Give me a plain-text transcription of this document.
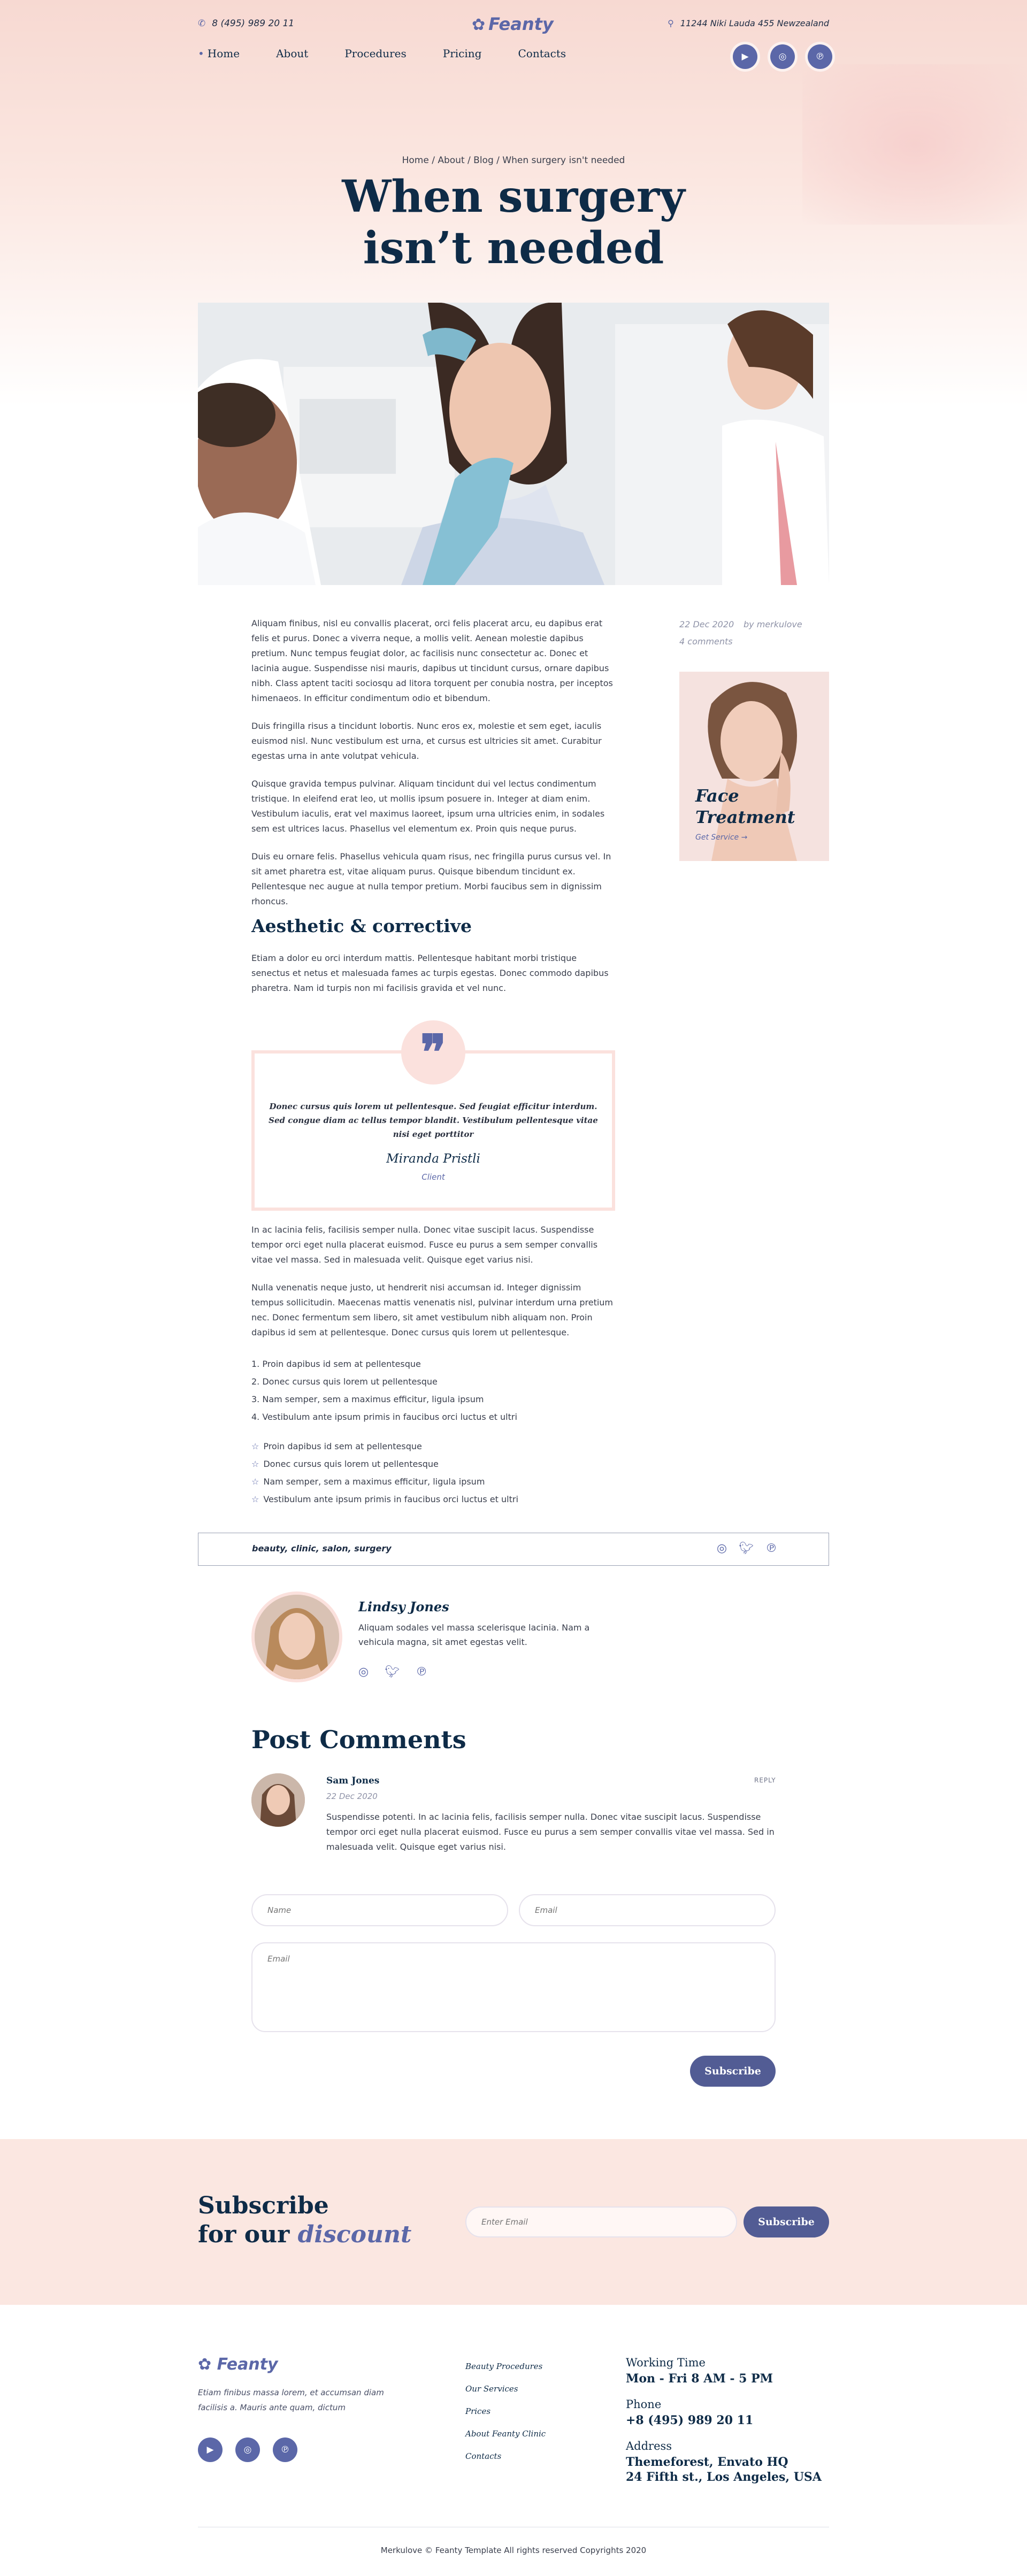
✆ 8 (495) 989 20 11	✿ Feanty	⚲ 11244 Niki Lauda 455 Newzealand
• Home	About	Procedures	Pricing	Contacts	▶	◎	℗
Home / About / Blog / When surgery isn't needed
When surgery
isn’t needed
22 Dec 2020 by merkulove
4 comments
Face
Treatment
Get Service →

Aliquam finibus, nisl eu convallis placerat, orci felis placerat arcu, eu dapibus erat felis et purus. Donec a viverra neque, a mollis velit. Aenean molestie dapibus pretium. Nunc tempus feugiat dolor, ac facilisis nunc consectetur ac. Donec et lacinia augue. Suspendisse nisi mauris, dapibus ut tincidunt cursus, ornare dapibus nibh. Class aptent taciti sociosqu ad litora torquent per conubia nostra, per inceptos himenaeos. In efficitur condimentum odio et bibendum.

Duis fringilla risus a tincidunt lobortis. Nunc eros ex, molestie et sem eget, iaculis euismod nisl. Nunc vestibulum est urna, et cursus est ultricies sit amet. Curabitur egestas urna in ante volutpat vehicula.

Quisque gravida tempus pulvinar. Aliquam tincidunt dui vel lectus condimentum tristique. In eleifend erat leo, ut mollis ipsum posuere in. Integer at diam enim. Vestibulum iaculis, erat vel maximus laoreet, ipsum urna ultricies enim, in sodales sem est ultrices lacus. Phasellus vel elementum ex. Proin quis neque purus.

Duis eu ornare felis. Phasellus vehicula quam risus, nec fringilla purus cursus vel. In sit amet pharetra est, vitae aliquam purus. Quisque bibendum tincidunt ex. Pellentesque nec augue at nulla tempor pretium. Morbi faucibus sem in dignissim rhoncus.

Aesthetic & corrective

Etiam a dolor eu orci interdum mattis. Pellentesque habitant morbi tristique senectus et netus et malesuada fames ac turpis egestas. Donec commodo dapibus pharetra. Nam id turpis non mi facilisis gravida et vel nunc.

❞

Donec cursus quis lorem ut pellentesque. Sed feugiat efficitur interdum. Sed congue diam ac tellus tempor blandit. Vestibulum pellentesque vitae nisi eget porttitor

Miranda Pristli
Client

In ac lacinia felis, facilisis semper nulla. Donec vitae suscipit lacus. Suspendisse tempor orci eget nulla placerat euismod. Fusce eu purus a sem semper convallis vitae vel massa. Sed in malesuada velit. Quisque eget varius nisi.

Nulla venenatis neque justo, ut hendrerit nisi accumsan id. Integer dignissim tempus sollicitudin. Maecenas mattis venenatis nisl, pulvinar interdum urna pretium nec. Donec fermentum sem libero, sit amet vestibulum nibh aliquam non. Proin dapibus id sem at pellentesque. Donec cursus quis lorem ut pellentesque.

1. Proin dapibus id sem at pellentesque
2. Donec cursus quis lorem ut pellentesque
3. Nam semper, sem a maximus efficitur, ligula ipsum
4. Vestibulum ante ipsum primis in faucibus orci luctus et ultri
☆ Proin dapibus id sem at pellentesque
☆ Donec cursus quis lorem ut pellentesque
☆ Nam semper, sem a maximus efficitur, ligula ipsum
☆ Vestibulum ante ipsum primis in faucibus orci luctus et ultri
beauty, clinic, salon, surgery	◎ 🐦︎ ℗
Lindsy Jones

Aliquam sodales vel massa scelerisque lacinia. Nam a vehicula magna, sit amet egestas velit.

◎ 🐦︎ ℗
Post Comments
Sam Jones
22 Dec 2020
REPLY

Suspendisse potenti. In ac lacinia felis, facilisis semper nulla. Donec vitae suscipit lacus. Suspendisse tempor orci eget nulla placerat euismod. Fusce eu purus a sem semper convallis vitae vel massa. Sed in malesuada velit. Quisque eget varius nisi.

Name
Email
Email
Subscribe
Subscribe
for our discount
Enter Email	Subscribe
✿ Feanty

Etiam finibus massa lorem, et accumsan diam facilisis a. Mauris ante quam, dictum

▶	◎	℗
Beauty Procedures
Our Services
Prices
About Feanty Clinic
Contacts
Working Time
Mon - Fri 8 AM - 5 PM
Phone
+8 (495) 989 20 11
Address
Themeforest, Envato HQ
24 Fifth st., Los Angeles, USA
Merkulove © Feanty Template All rights reserved Copyrights 2020
